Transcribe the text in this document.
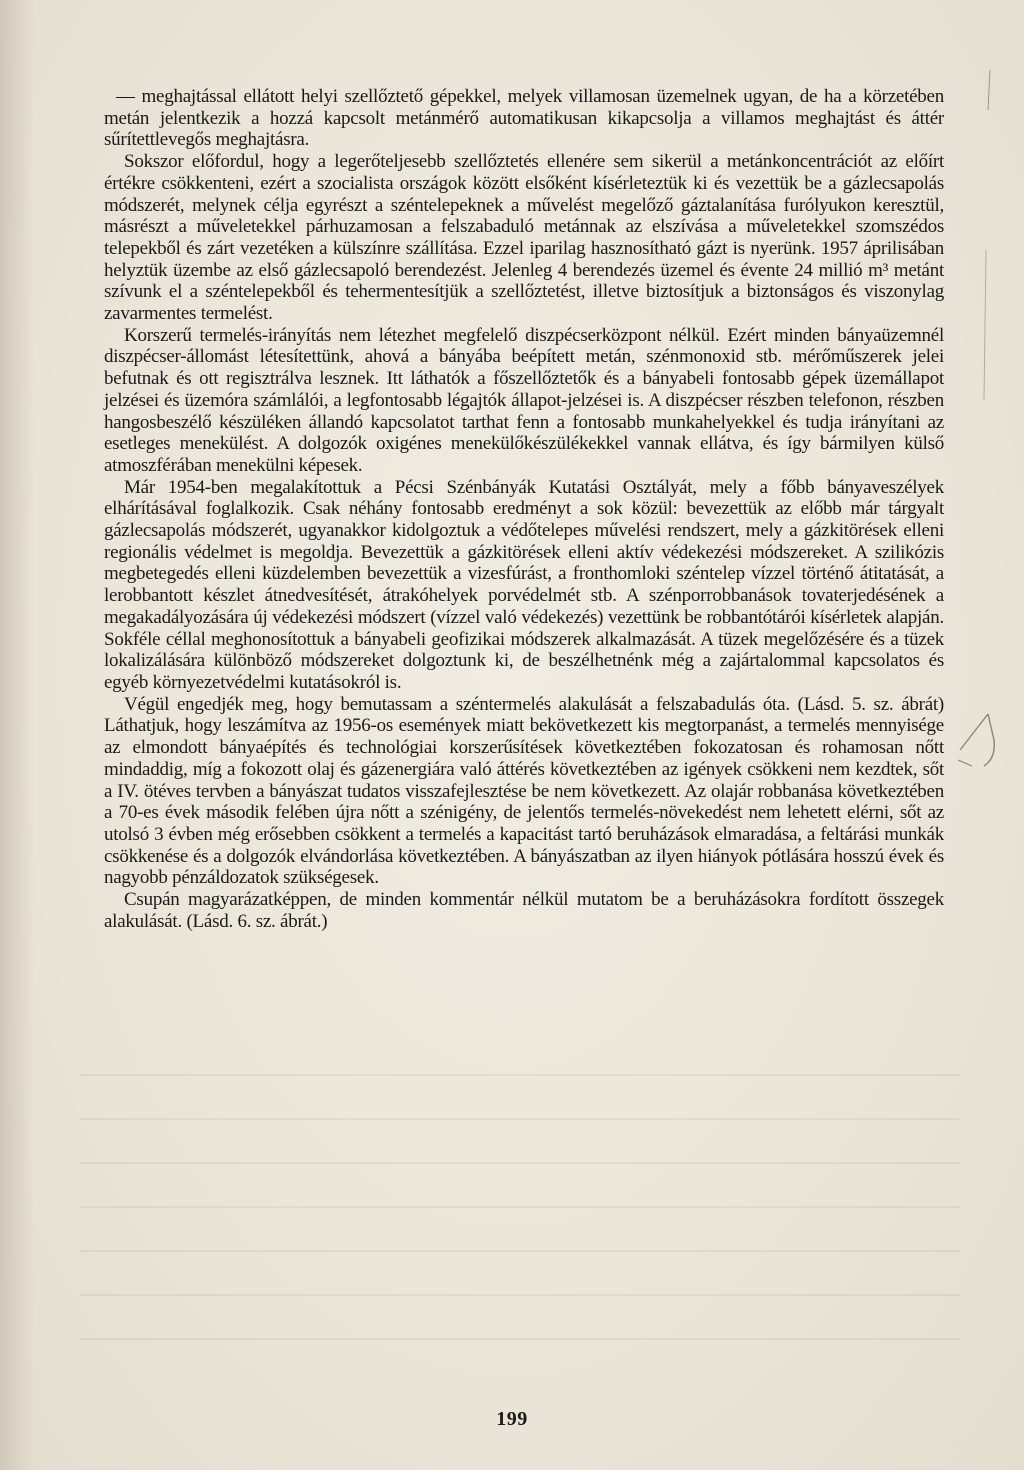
— meghajtással ellátott helyi szellőztető gépekkel, melyek villamosan üzemelnek ugyan, de ha a körzetében metán jelentkezik a hozzá kapcsolt metánmérő automatikusan kikapcsolja a villamos meghajtást és áttér sűrítettlevegős meghajtásra.

Sokszor előfordul, hogy a legerőteljesebb szellőztetés ellenére sem sikerül a metánkoncentrációt az előírt értékre csökkenteni, ezért a szocialista országok között elsőként kísérleteztük ki és vezettük be a gázlecsapolás módszerét, melynek célja egyrészt a széntelepeknek a művelést megelőző gáztalanítása furólyukon keresztül, másrészt a műveletekkel párhuzamosan a felszabaduló metánnak az elszívása a műveletekkel szomszédos telepekből és zárt vezetéken a külszínre szállítása. Ezzel iparilag hasznosítható gázt is nyerünk. 1957 áprilisában helyztük üzembe az első gázlecsapoló berendezést. Jelenleg 4 berendezés üzemel és évente 24 millió m³ metánt szívunk el a széntelepekből és tehermentesítjük a szellőztetést, illetve biztosítjuk a biztonságos és viszonylag zavarmentes termelést.

Korszerű termelés-irányítás nem létezhet megfelelő diszpécserközpont nélkül. Ezért minden bányaüzemnél diszpécser-állomást létesítettünk, ahová a bányába beépített metán, szénmonoxid stb. mérőműszerek jelei befutnak és ott regisztrálva lesznek. Itt láthatók a főszellőztetők és a bányabeli fontosabb gépek üzemállapot jelzései és üzemóra számlálói, a legfontosabb légajtók állapot-jelzései is. A diszpécser részben telefonon, részben hangosbeszélő készüléken állandó kapcsolatot tarthat fenn a fontosabb munkahelyekkel és tudja irányítani az esetleges menekülést. A dolgozók oxigénes menekülőkészülékekkel vannak ellátva, és így bármilyen külső atmoszférában menekülni képesek.

Már 1954-ben megalakítottuk a Pécsi Szénbányák Kutatási Osztályát, mely a főbb bányaveszélyek elhárításával foglalkozik. Csak néhány fontosabb eredményt a sok közül: bevezettük az előbb már tárgyalt gázlecsapolás módszerét, ugyanakkor kidolgoztuk a védőtelepes művelési rendszert, mely a gázkitörések elleni regionális védelmet is megoldja. Bevezettük a gázkitörések elleni aktív védekezési módszereket. A szilikózis megbetegedés elleni küzdelemben bevezettük a vizesfúrást, a fronthomloki széntelep vízzel történő átitatását, a lerobbantott készlet átnedvesítését, átrakóhelyek porvédelmét stb. A szénporrobbanások tovaterjedésének a megakadályozására új védekezési módszert (vízzel való védekezés) vezettünk be robbantótárói kísérletek alapján. Sokféle céllal meghonosítottuk a bányabeli geofizikai módszerek alkalmazását. A tüzek megelőzésére és a tüzek lokalizálására különböző módszereket dolgoztunk ki, de beszélhetnénk még a zajártalommal kapcsolatos és egyéb környezetvédelmi kutatásokról is.

Végül engedjék meg, hogy bemutassam a széntermelés alakulását a felszabadulás óta. (Lásd. 5. sz. ábrát) Láthatjuk, hogy leszámítva az 1956-os események miatt bekövetkezett kis megtorpanást, a termelés mennyisége az elmondott bányaépítés és technológiai korszerűsítések következtében fokozatosan és rohamosan nőtt mindaddig, míg a fokozott olaj és gázenergiára való áttérés következtében az igények csökkeni nem kezdtek, sőt a IV. ötéves tervben a bányászat tudatos visszafejlesztése be nem következett. Az olajár robbanása következtében a 70-es évek második felében újra nőtt a szénigény, de jelentős termelés-növekedést nem lehetett elérni, sőt az utolsó 3 évben még erősebben csökkent a termelés a kapacitást tartó beruházások elmaradása, a feltárási munkák csökkenése és a dolgozók elvándorlása következtében. A bányászatban az ilyen hiányok pótlására hosszú évek és nagyobb pénzáldozatok szükségesek.

Csupán magyarázatképpen, de minden kommentár nélkül mutatom be a beruházásokra fordított összegek alakulását. (Lásd. 6. sz. ábrát.)

199
